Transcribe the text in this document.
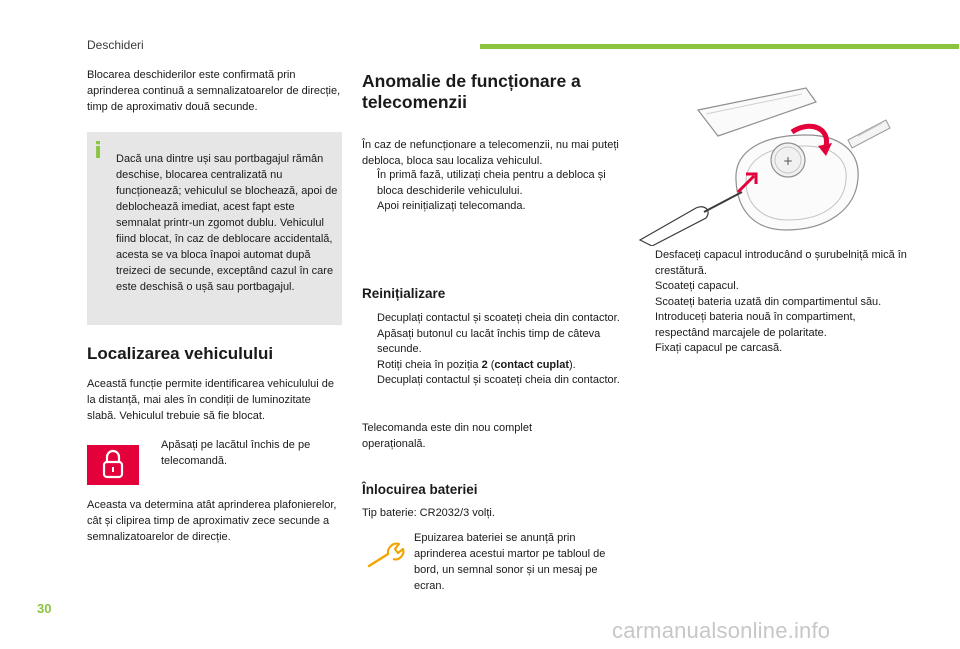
Deschideri

Blocarea deschiderilor este confirmată prin aprinderea continuă a semnalizatoarelor de direcție, timp de aproximativ două secunde.

i	Dacă una dintre uși sau portbagajul rămân deschise, blocarea centralizată nu funcționează; vehiculul se blochează, apoi de deblochează imediat, acest fapt este semnalat printr-un zgomot dublu. Vehiculul fiind blocat, în caz de deblocare accidentală, acesta se va bloca înapoi automat după treizeci de secunde, exceptând cazul în care este deschisă o ușă sau portbagajul.

Localizarea vehiculului

Această funcție permite identificarea vehiculului de la distanță, mai ales în condiții de luminozitate slabă. Vehiculul trebuie să fie blocat.

Apăsați pe lacătul închis de pe telecomandă.

Aceasta va determina atât aprinderea plafonierelor, cât și clipirea timp de aproximativ zece secunde a semnalizatoarelor de direcție.

Anomalie de funcționare a telecomenzii

În caz de nefuncționare a telecomenzii, nu mai puteți debloca, bloca sau localiza vehiculul.

În primă fază, utilizați cheia pentru a debloca și bloca deschiderile vehiculului.
Apoi reinițializați telecomanda.
Reinițializare
Decuplați contactul și scoateți cheia din contactor.
Apăsați butonul cu lacăt închis timp de câteva secunde.
Rotiți cheia în poziția 2 (contact cuplat).
Decuplați contactul și scoateți cheia din contactor.

Telecomanda este din nou complet operațională.

Înlocuirea bateriei

Tip baterie: CR2032/3 volți.

Epuizarea bateriei se anunță prin aprinderea acestui martor pe tabloul de bord, un semnal sonor și un mesaj pe ecran.

+
Desfaceți capacul introducând o șurubelniță mică în crestătură.
Scoateți capacul.
Scoateți bateria uzată din compartimentul său.
Introduceți bateria nouă în compartiment, respectând marcajele de polaritate.
Fixați capacul pe carcasă.
30
carmanualsonline.info
